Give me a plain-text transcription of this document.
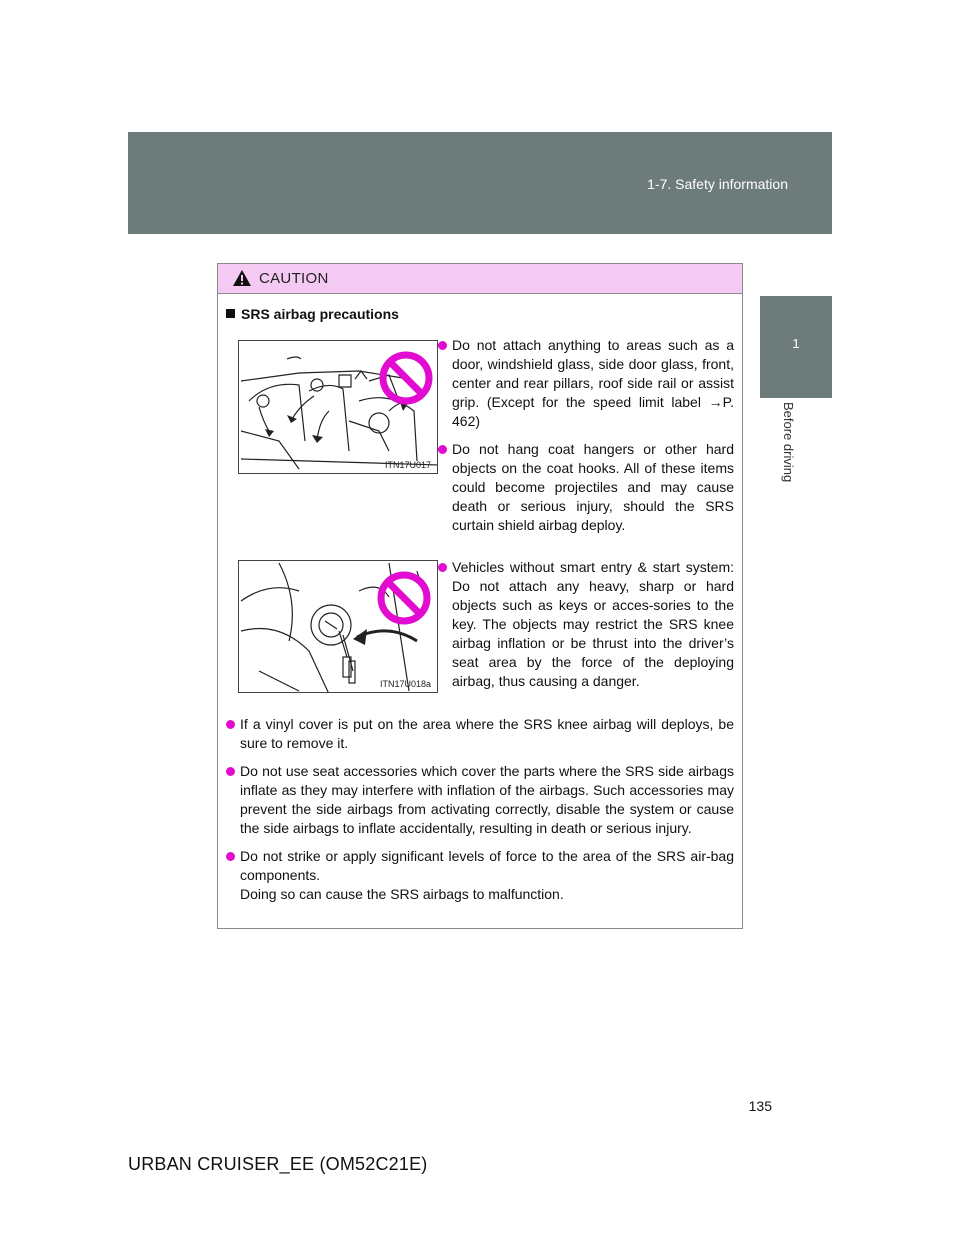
1-7. Safety information
1
Before driving
CAUTION
SRS airbag precautions
ITN17U017
ITN17U018a
Do not attach anything to areas such as a door, windshield glass, side door glass, front, center and rear pillars, roof side rail or assist grip. (Except for the speed limit label →P. 462)
Do not hang coat hangers or other hard objects on the coat hooks. All of these items could become projectiles and may cause death or serious injury, should the SRS curtain shield airbag deploy.
Vehicles without smart entry & start system: Do not attach any heavy, sharp or hard objects such as keys or acces-sories to the key. The objects may restrict the SRS knee airbag inflation or be thrust into the driver’s seat area by the force of the deploying airbag, thus causing a danger.
If a vinyl cover is put on the area where the SRS knee airbag will deploys, be sure to remove it.
Do not use seat accessories which cover the parts where the SRS side airbags inflate as they may interfere with inflation of the airbags. Such accessories may prevent the side airbags from activating correctly, disable the system or cause the side airbags to inflate accidentally, resulting in death or serious injury.
Do not strike or apply significant levels of force to the area of the SRS air-bag components.
Doing so can cause the SRS airbags to malfunction.
135
URBAN CRUISER_EE (OM52C21E)
